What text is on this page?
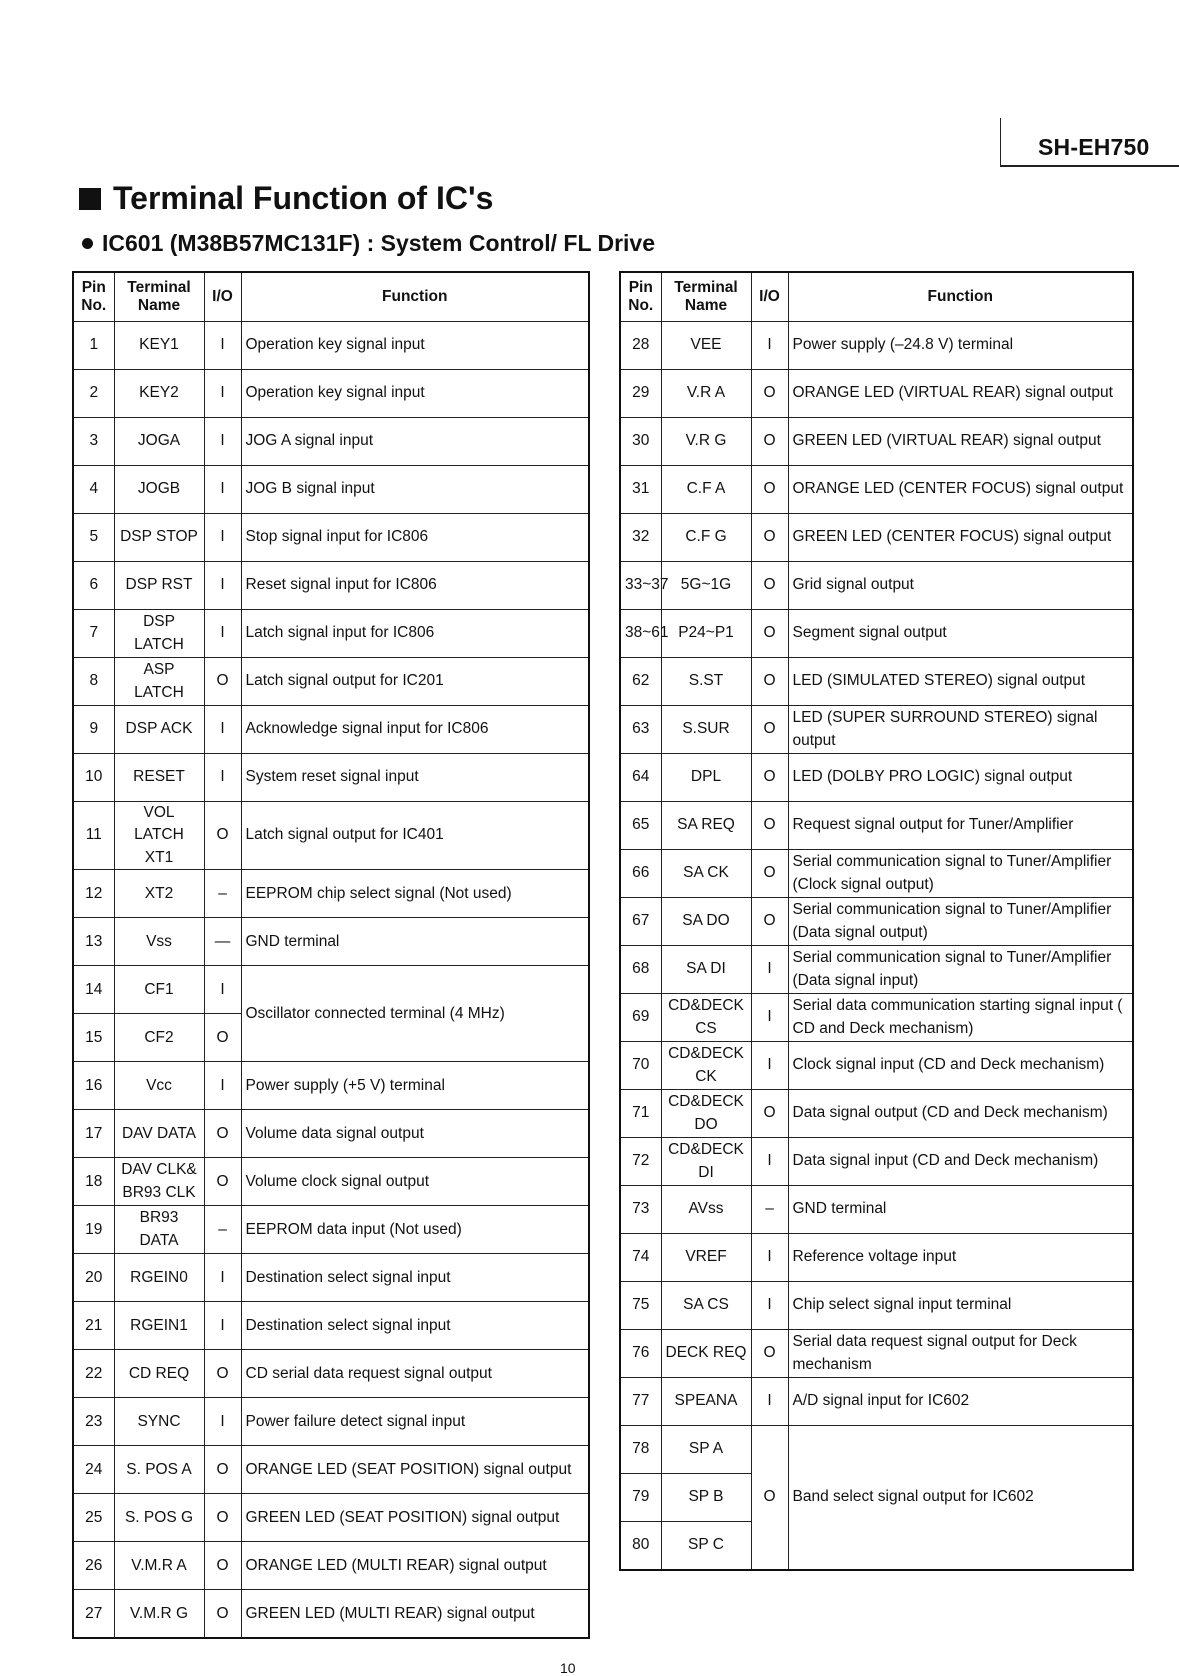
SH-EH750
Terminal Function of IC's
IC601 (M38B57MC131F) : System Control/ FL Drive
Pin No.	Terminal Name	I/O	Function
1	KEY1	I	Operation key signal input
2	KEY2	I	Operation key signal input
3	JOGA	I	JOG A signal input
4	JOGB	I	JOG B signal input
5	DSP STOP	I	Stop signal input for IC806
6	DSP RST	I	Reset signal input for IC806
7	DSP LATCH	I	Latch signal input for IC806
8	ASP LATCH	O	Latch signal output for IC201
9	DSP ACK	I	Acknowledge signal input for IC806
10	RESET	I	System reset signal input
11	VOL LATCH XT1	O	Latch signal output for IC401
12	XT2	–	EEPROM chip select signal (Not used)
13	Vss	—	GND terminal
14	CF1	I	Oscillator connected terminal (4 MHz)
15	CF2	O	
16	Vcc	I	Power supply (+5 V) terminal
17	DAV DATA	O	Volume data signal output
18	DAV CLK& BR93 CLK	O	Volume clock signal output
19	BR93 DATA	–	EEPROM data input (Not used)
20	RGEIN0	I	Destination select signal input
21	RGEIN1	I	Destination select signal input
22	CD REQ	O	CD serial data request signal output
23	SYNC	I	Power failure detect signal input
24	S. POS A	O	ORANGE LED (SEAT POSITION) signal output
25	S. POS G	O	GREEN LED (SEAT POSITION) signal output
26	V.M.R A	O	ORANGE LED (MULTI REAR) signal output
27	V.M.R G	O	GREEN LED (MULTI REAR) signal output
Pin No.	Terminal Name	I/O	Function
28	VEE	I	Power supply (–24.8 V) terminal
29	V.R A	O	ORANGE LED (VIRTUAL REAR) signal output
30	V.R G	O	GREEN LED (VIRTUAL REAR) signal output
31	C.F A	O	ORANGE LED (CENTER FOCUS) signal output
32	C.F G	O	GREEN LED (CENTER FOCUS) signal output
33~37	5G~1G	O	Grid signal output
38~61	P24~P1	O	Segment signal output
62	S.ST	O	LED (SIMULATED STEREO) signal output
63	S.SUR	O	LED (SUPER SURROUND STEREO) signal output
64	DPL	O	LED (DOLBY PRO LOGIC) signal output
65	SA REQ	O	Request signal output for Tuner/Amplifier
66	SA CK	O	Serial communication signal to Tuner/Amplifier (Clock signal output)
67	SA DO	O	Serial communication signal to Tuner/Amplifier (Data signal output)
68	SA DI	I	Serial communication signal to Tuner/Amplifier (Data signal input)
69	CD&DECK CS	I	Serial data communication starting signal input ( CD and Deck mechanism)
70	CD&DECK CK	I	Clock signal input (CD and Deck mechanism)
71	CD&DECK DO	O	Data signal output (CD and Deck mechanism)
72	CD&DECK DI	I	Data signal input (CD and Deck mechanism)
73	AVss	–	GND terminal
74	VREF	I	Reference voltage input
75	SA CS	I	Chip select signal input terminal
76	DECK REQ	O	Serial data request signal output for Deck mechanism
77	SPEANA	I	A/D signal input for IC602
78	SP A	O	Band select signal output for IC602
79	SP B		
80	SP C		
10
